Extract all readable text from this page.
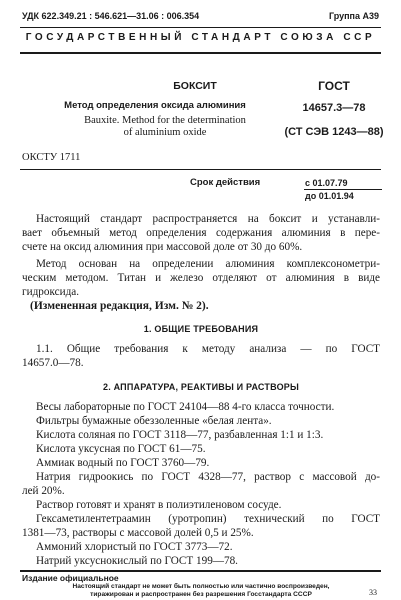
УДК 622.349.21 : 546.621—31.06 : 006.354	Группа А39
ГОСУДАРСТВЕННЫЙ СТАНДАРТ СОЮЗА ССР
БОКСИТ
Метод определения оксида алюминия
Bauxite. Method for the determination
of aluminium oxide
ГОСТ
14657.3—78
(СТ СЭВ 1243—88)
ОКСТУ 1711
Срок действия	с 01.07.79
до 01.01.94
Настоящий стандарт распространяется на боксит и устанавли-
вает объемный метод определения содержания алюминия в пере-
счете на оксид алюминия при массовой доле от 30 до 60%.
Метод основан на определении алюминия комплексонометри-
ческим методом. Титан и железо отделяют от алюминия в виде
гидроксида.
(Измененная редакция, Изм. № 2).
1. ОБЩИЕ ТРЕБОВАНИЯ
1.1. Общие требования к методу анализа — по ГОСТ
14657.0—78.
2. АППАРАТУРА, РЕАКТИВЫ И РАСТВОРЫ
Весы лабораторные по ГОСТ 24104—88 4-го класса точности.
Фильтры бумажные обеззоленные «белая лента».
Кислота соляная по ГОСТ 3118—77, разбавленная 1:1 и 1:3.
Кислота уксусная по ГОСТ 61—75.
Аммиак водный по ГОСТ 3760—79.
Натрия гидроокись по ГОСТ 4328—77, раствор с массовой до-
лей 20%.
Раствор готовят и хранят в полиэтиленовом сосуде.
Гексаметилентетраамин (уротропин) технический по ГОСТ
1381—73, растворы с массовой долей 0,5 и 25%.
Аммоний хлористый по ГОСТ 3773—72.
Натрий уксуснокислый по ГОСТ 199—78.
Издание официальное
Настоящий стандарт не может быть полностью или частично воспроизведен,
тиражирован и распространен без разрешения Госстандарта СССР	33
